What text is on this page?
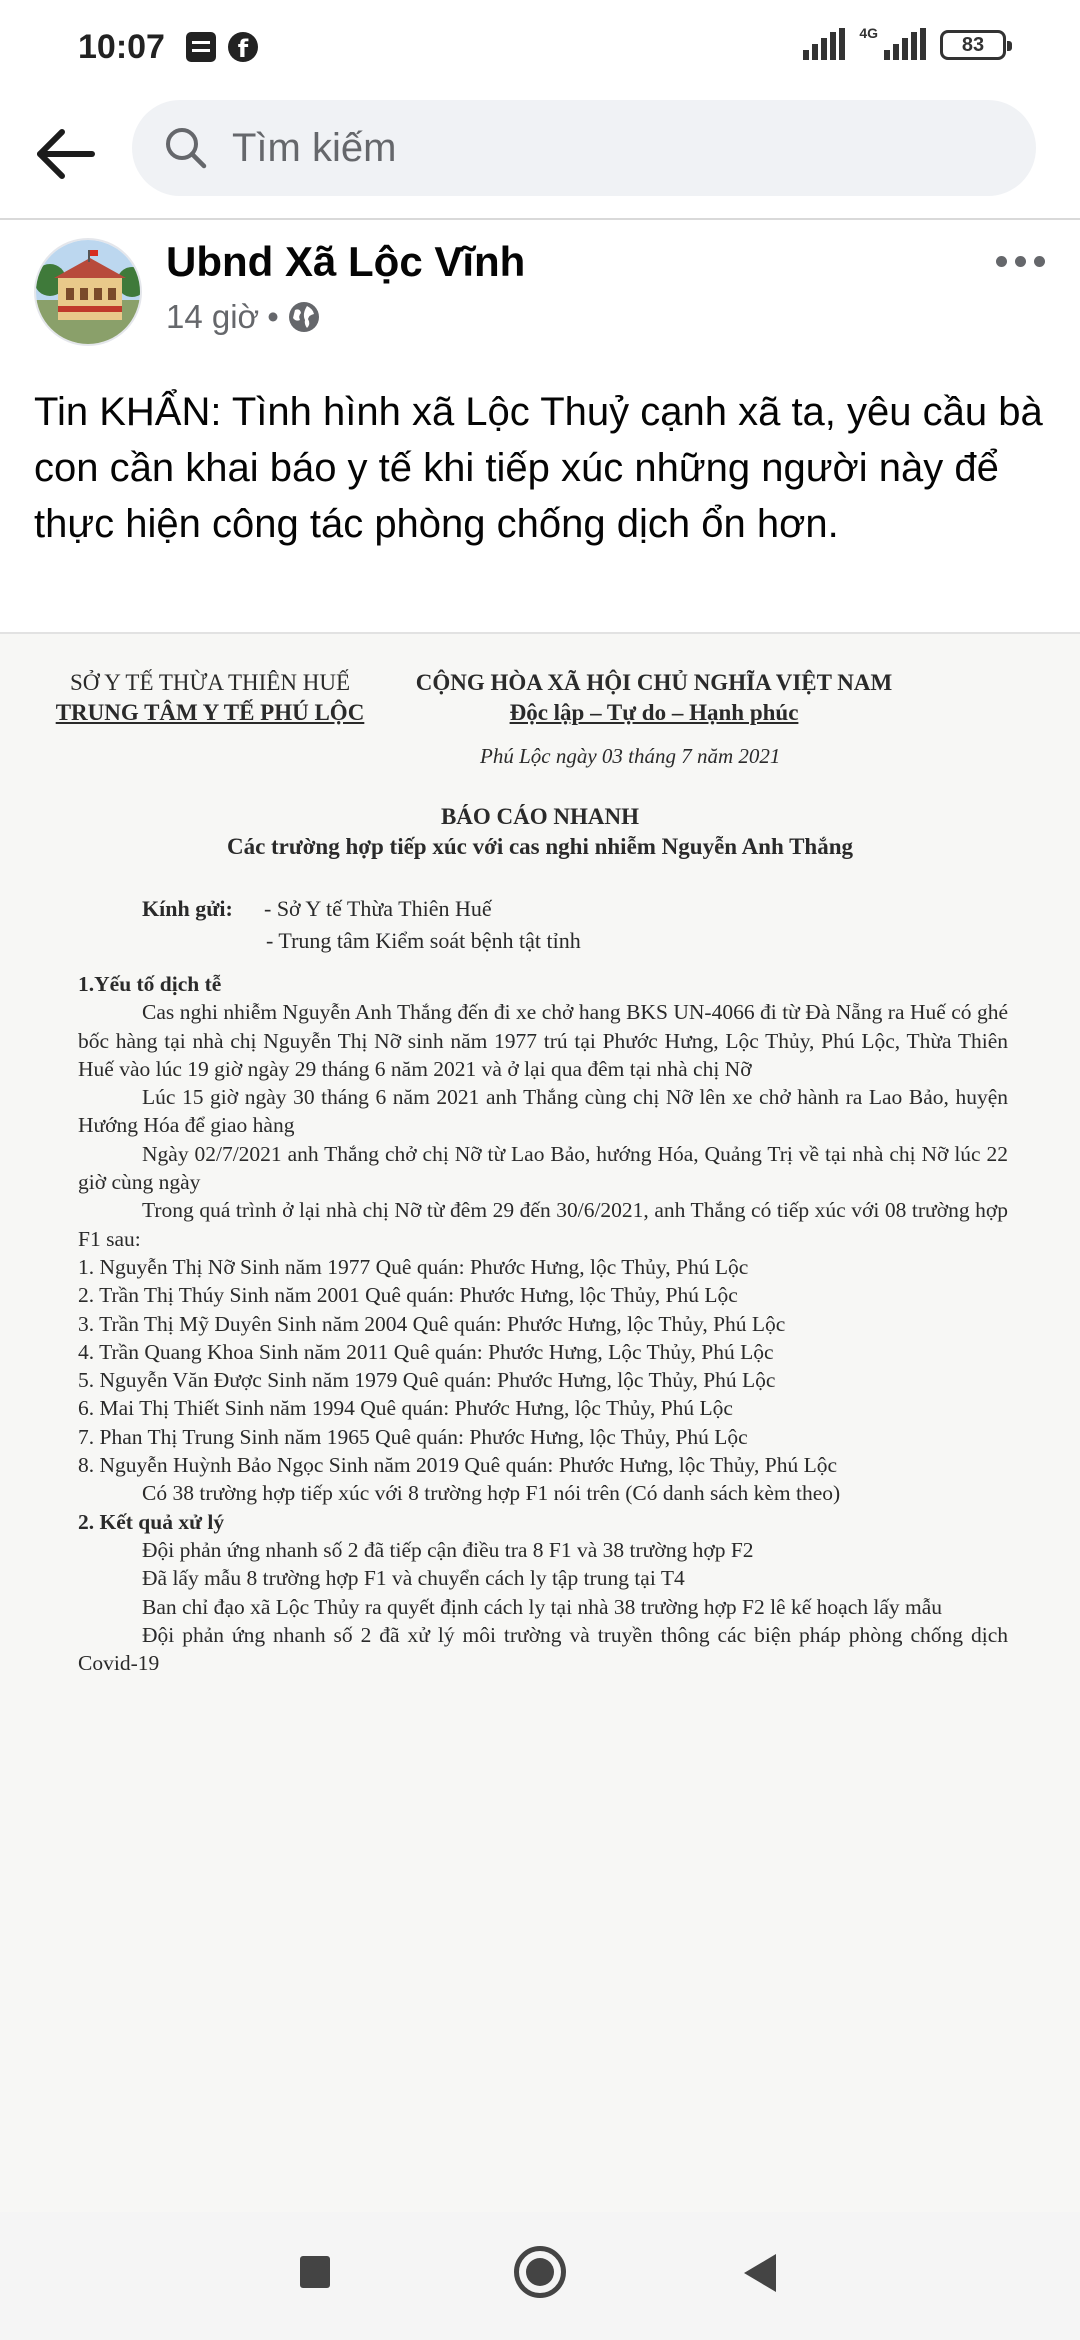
10:07	f
4G
83
Tìm kiếm
Ubnd Xã Lộc Vĩnh
14 giờ •
Tin KHẨN: Tình hình xã Lộc Thuỷ cạnh xã ta, yêu cầu bà con cần khai báo y tế khi tiếp xúc những người này để thực hiện công tác phòng chống dịch ổn hơn.
SỞ Y TẾ THỪA THIÊN HUẾ
TRUNG TÂM Y TẾ PHÚ LỘC
CỘNG HÒA XÃ HỘI CHỦ NGHĨA VIỆT NAM
Độc lập – Tự do – Hạnh phúc
Phú Lộc ngày 03 tháng 7 năm 2021
BÁO CÁO NHANH
Các trường hợp tiếp xúc với cas nghi nhiễm Nguyễn Anh Thắng
Kính gửi: - Sở Y tế Thừa Thiên Huế
- Trung tâm Kiểm soát bệnh tật tỉnh

1.Yếu tố dịch tễ

Cas nghi nhiễm Nguyễn Anh Thắng đến đi xe chở hang BKS UN-4066 đi từ Đà Nẵng ra Huế có ghé bốc hàng tại nhà chị Nguyễn Thị Nỡ sinh năm 1977 trú tại Phước Hưng, Lộc Thủy, Phú Lộc, Thừa Thiên Huế vào lúc 19 giờ ngày 29 tháng 6 năm 2021 và ở lại qua đêm tại nhà chị Nỡ

Lúc 15 giờ ngày 30 tháng 6 năm 2021 anh Thắng cùng chị Nỡ lên xe chở hành ra Lao Bảo, huyện Hướng Hóa để giao hàng

Ngày 02/7/2021 anh Thắng chở chị Nỡ từ Lao Bảo, hướng Hóa, Quảng Trị về tại nhà chị Nỡ lúc 22 giờ cùng ngày

Trong quá trình ở lại nhà chị Nỡ từ đêm 29 đến 30/6/2021, anh Thắng có tiếp xúc với 08 trường hợp F1 sau:

1. Nguyễn Thị Nỡ Sinh năm 1977 Quê quán: Phước Hưng, lộc Thủy, Phú Lộc

2. Trần Thị Thúy Sinh năm 2001 Quê quán: Phước Hưng, lộc Thủy, Phú Lộc

3. Trần Thị Mỹ Duyên Sinh năm 2004 Quê quán: Phước Hưng, lộc Thủy, Phú Lộc

4. Trần Quang Khoa Sinh năm 2011 Quê quán: Phước Hưng, Lộc Thủy, Phú Lộc

5. Nguyễn Văn Được Sinh năm 1979 Quê quán: Phước Hưng, lộc Thủy, Phú Lộc

6. Mai Thị Thiết Sinh năm 1994 Quê quán: Phước Hưng, lộc Thủy, Phú Lộc

7. Phan Thị Trung Sinh năm 1965 Quê quán: Phước Hưng, lộc Thủy, Phú Lộc

8. Nguyễn Huỳnh Bảo Ngọc Sinh năm 2019 Quê quán: Phước Hưng, lộc Thủy, Phú Lộc

Có 38 trường hợp tiếp xúc với 8 trường hợp F1 nói trên (Có danh sách kèm theo)

2. Kết quả xử lý

Đội phản ứng nhanh số 2 đã tiếp cận điều tra 8 F1 và 38 trường hợp F2

Đã lấy mẫu 8 trường hợp F1 và chuyển cách ly tập trung tại T4

Ban chỉ đạo xã Lộc Thủy ra quyết định cách ly tại nhà 38 trường hợp F2 lê kế hoạch lấy mẫu

Đội phản ứng nhanh số 2 đã xử lý môi trường và truyền thông các biện pháp phòng chống dịch Covid-19
